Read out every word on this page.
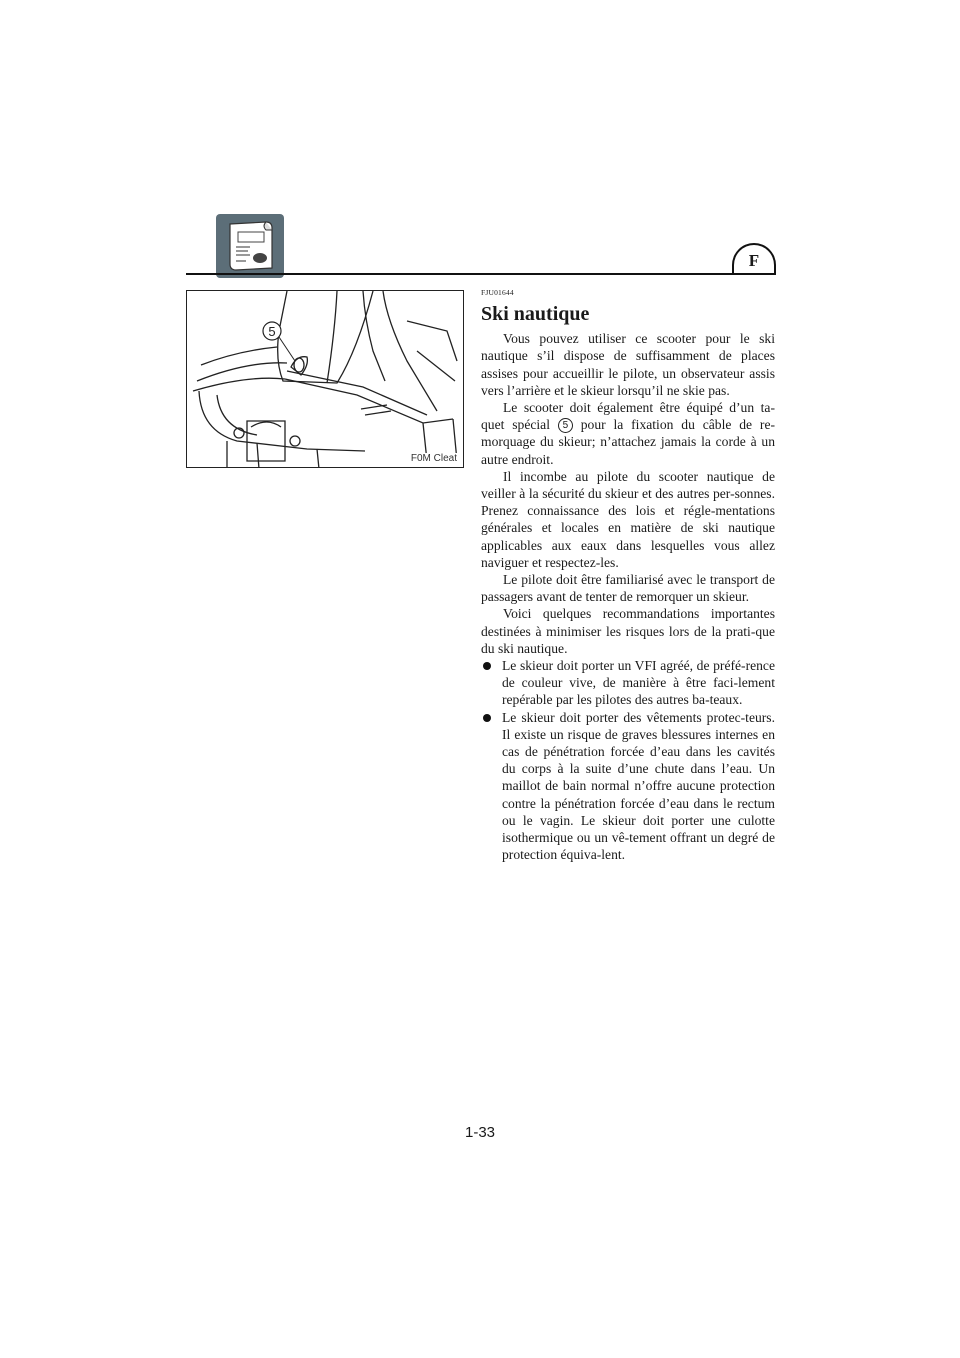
F
5
F0M Cleat
FJU01644
Ski nautique

Vous pouvez utiliser ce scooter pour le ski nautique s’il dispose de suffisamment de places assises pour accueillir le pilote, un observateur assis vers l’arrière et le skieur lorsqu’il ne skie pas.

Le scooter doit également être équipé d’un ta-quet spécial 5 pour la fixation du câble de re-morquage du skieur; n’attachez jamais la corde à un autre endroit.

Il incombe au pilote du scooter nautique de veiller à la sécurité du skieur et des autres per-sonnes. Prenez connaissance des lois et régle-mentations générales et locales en matière de ski nautique applicables aux eaux dans lesquelles vous allez naviguer et respectez-les.

Le pilote doit être familiarisé avec le transport de passagers avant de tenter de remorquer un skieur.

Voici quelques recommandations importantes destinées à minimiser les risques lors de la prati-que du ski nautique.

Le skieur doit porter un VFI agréé, de préfé-rence de couleur vive, de manière à être faci-lement repérable par les pilotes des autres ba-teaux.
Le skieur doit porter des vêtements protec-teurs. Il existe un risque de graves blessures internes en cas de pénétration forcée d’eau dans les cavités du corps à la suite d’une chute dans l’eau. Un maillot de bain normal n’offre aucune protection contre la pénétration forcée d’eau dans le rectum ou le vagin. Le skieur doit porter une culotte isothermique ou un vê-tement offrant un degré de protection équiva-lent.
1-33
